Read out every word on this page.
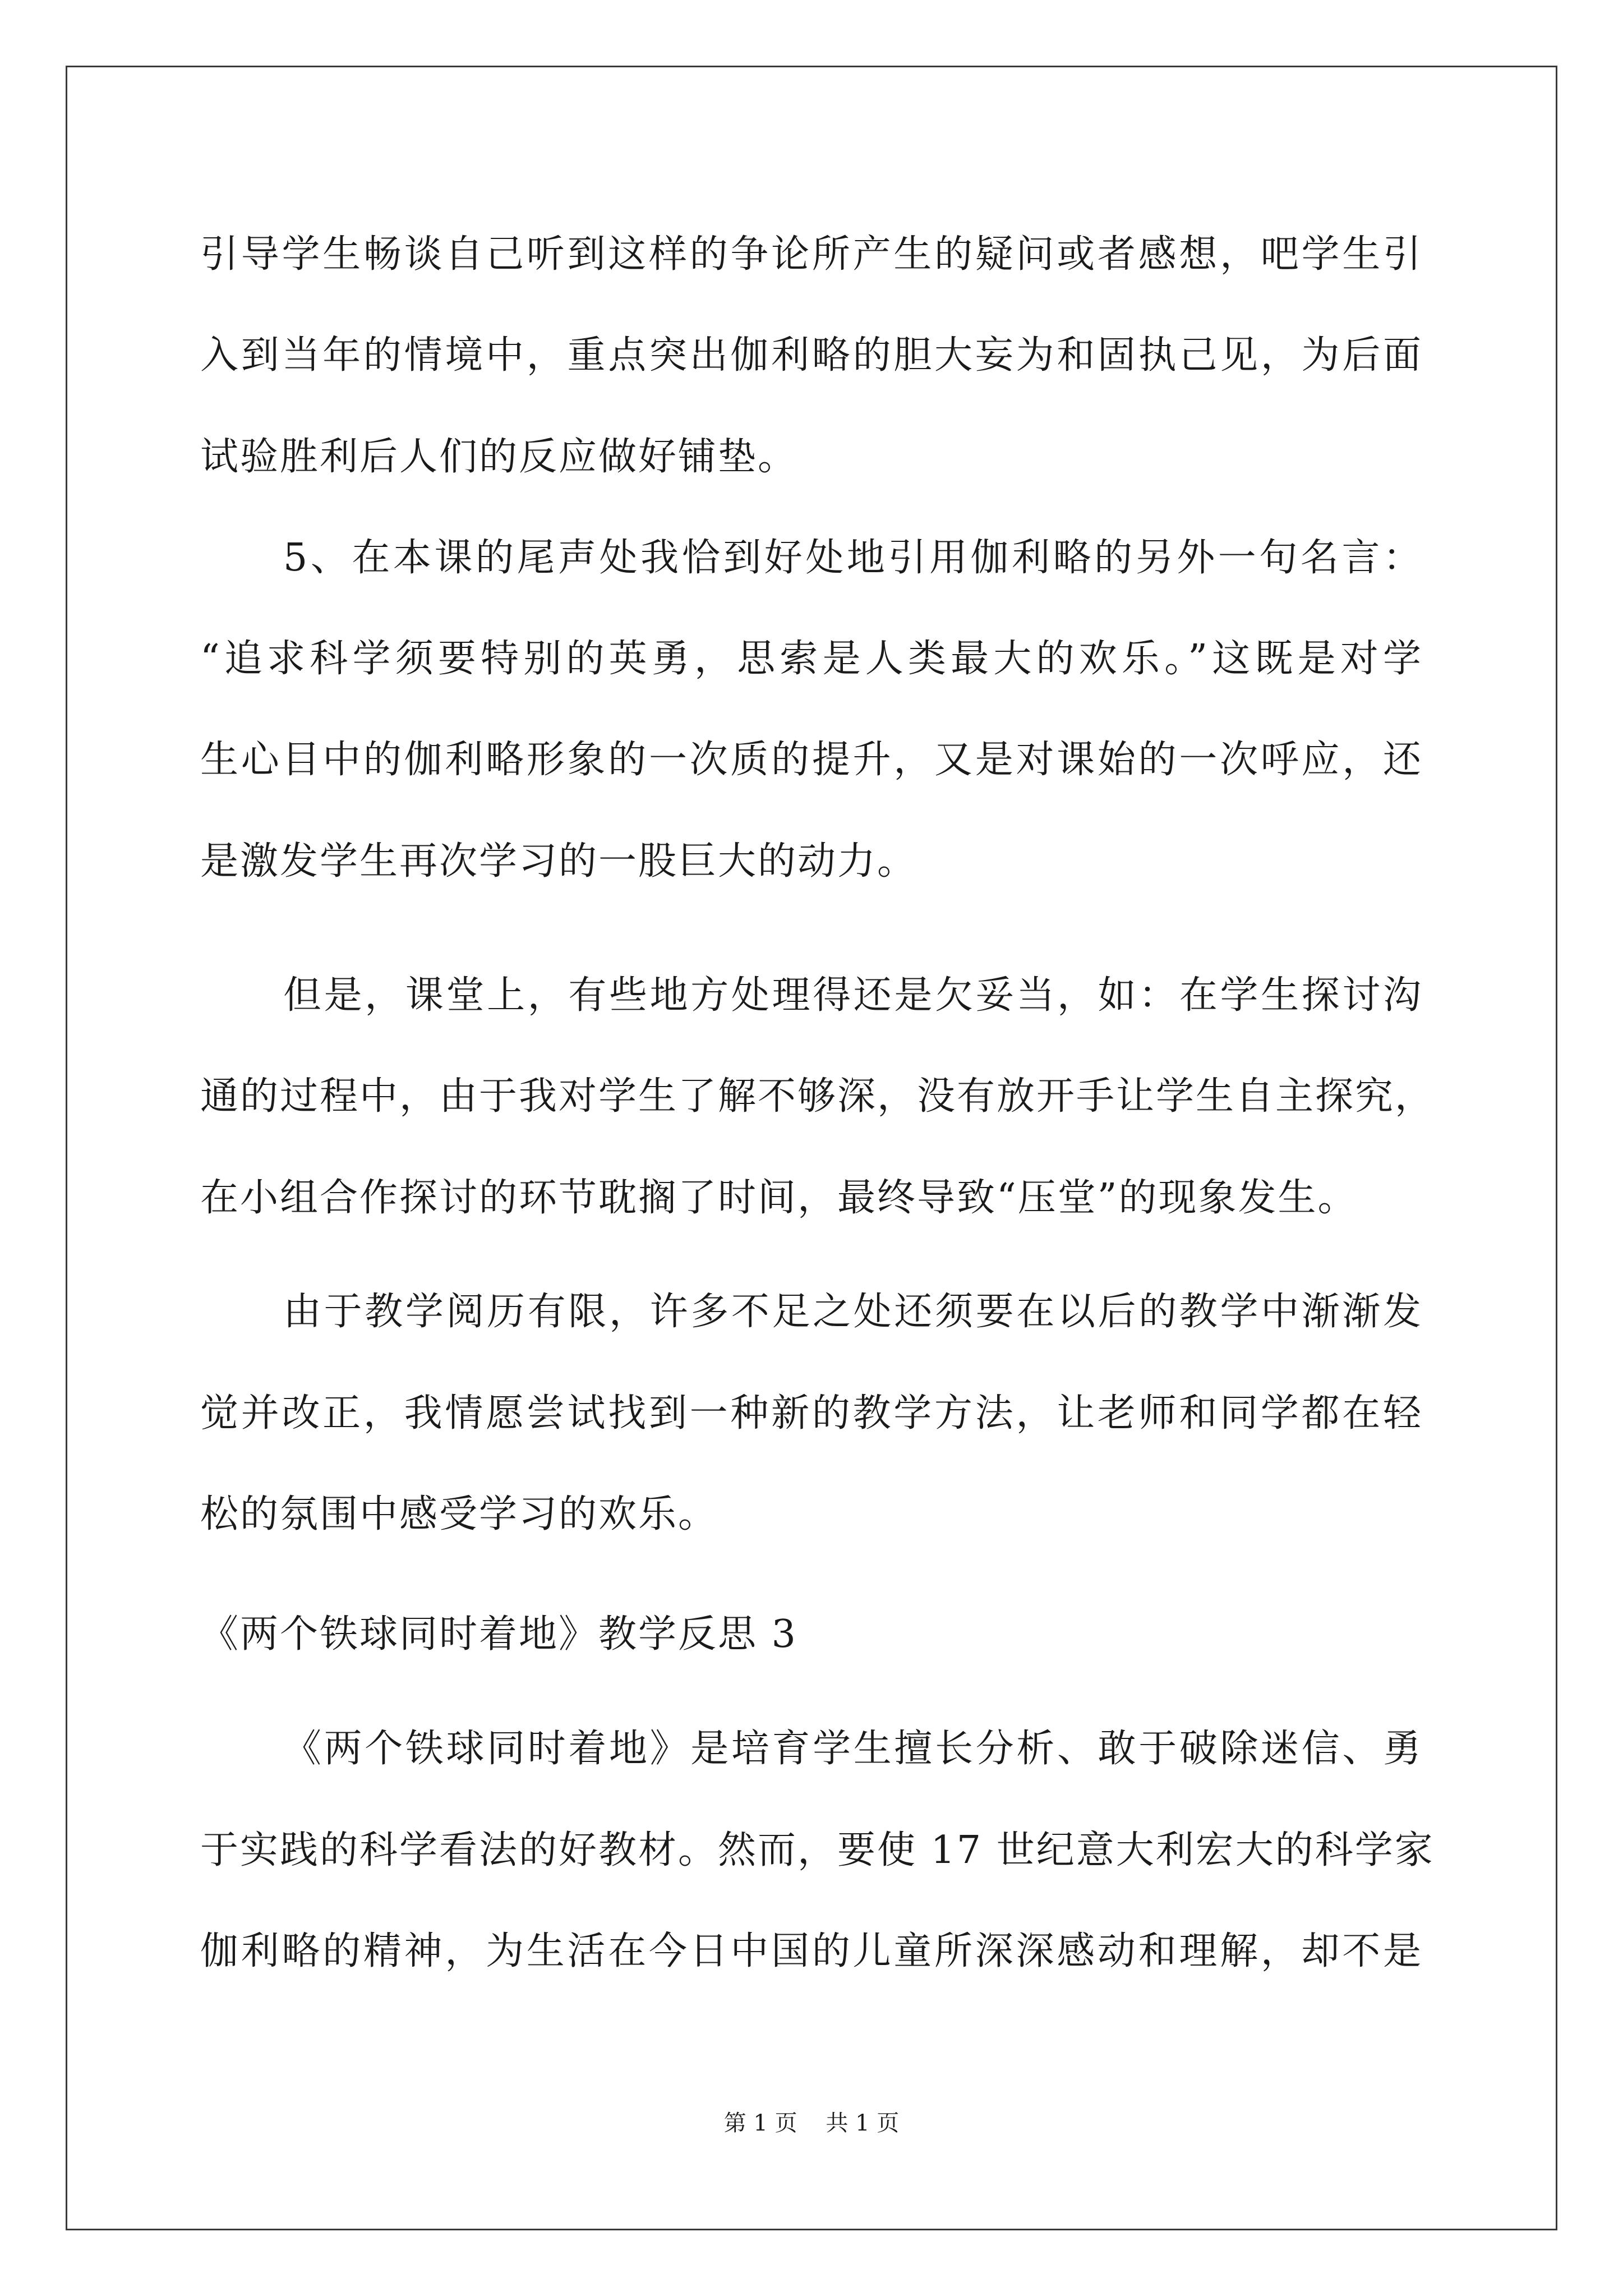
引导学生畅谈自己听到这样的争论所产生的疑问或者感想，吧学生引
入到当年的情境中，重点突出伽利略的胆大妄为和固执己见，为后面
试验胜利后人们的反应做好铺垫。
5、在本课的尾声处我恰到好处地引用伽利略的另外一句名言：
“追求科学须要特别的英勇，思索是人类最大的欢乐。”这既是对学
生心目中的伽利略形象的一次质的提升，又是对课始的一次呼应，还
是激发学生再次学习的一股巨大的动力。
但是，课堂上，有些地方处理得还是欠妥当，如：在学生探讨沟
通的过程中，由于我对学生了解不够深，没有放开手让学生自主探究，
在小组合作探讨的环节耽搁了时间，最终导致“压堂”的现象发生。
由于教学阅历有限，许多不足之处还须要在以后的教学中渐渐发
觉并改正，我情愿尝试找到一种新的教学方法，让老师和同学都在轻
松的氛围中感受学习的欢乐。
《两个铁球同时着地》教学反思 3
《两个铁球同时着地》是培育学生擅长分析、敢于破除迷信、勇
于实践的科学看法的好教材。然而，要使 17 世纪意大利宏大的科学家
伽利略的精神，为生活在今日中国的儿童所深深感动和理解，却不是
第 1 页    共 1 页
